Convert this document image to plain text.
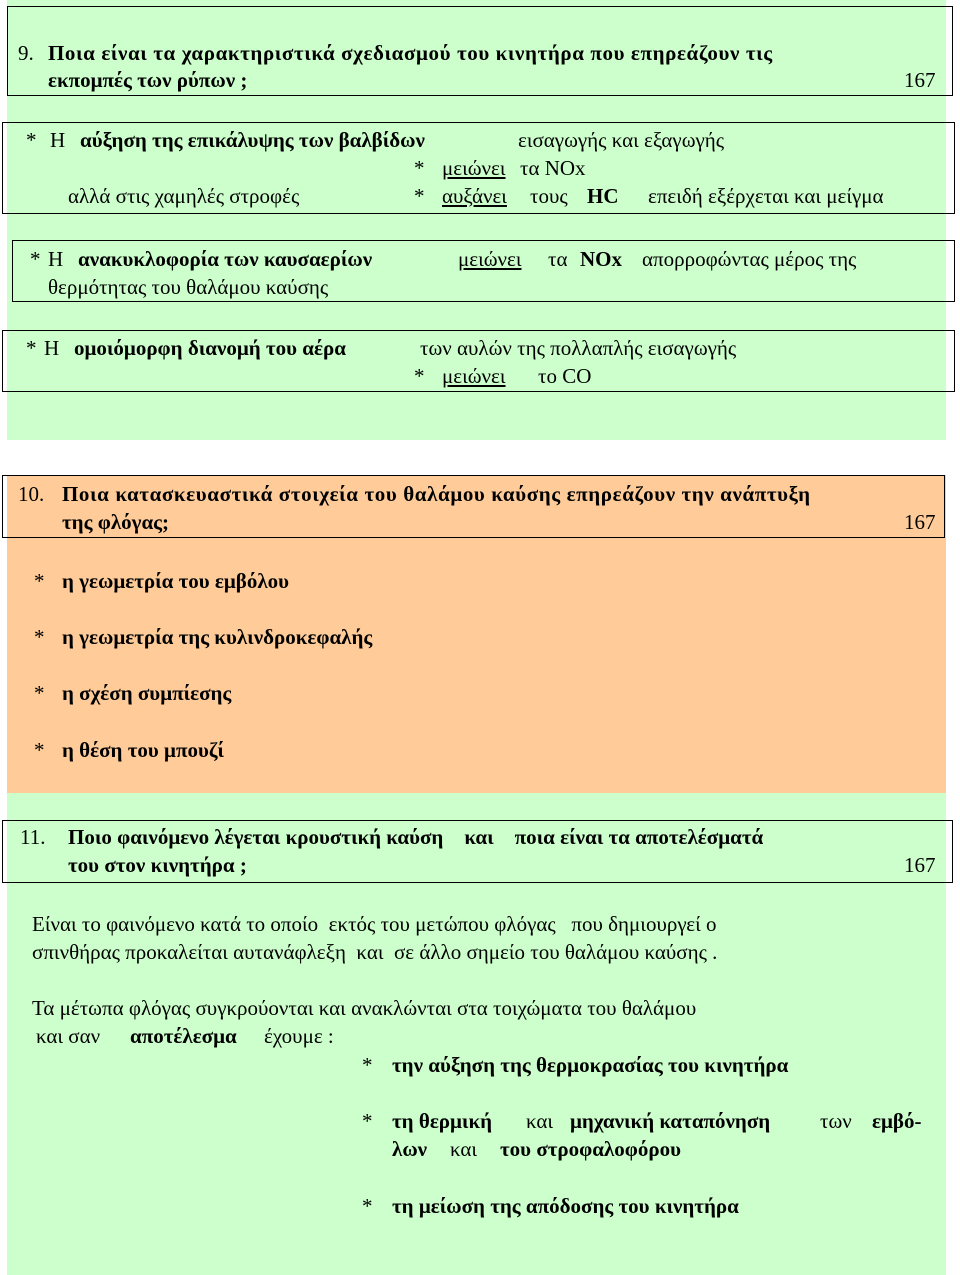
9. Ποια είναι τα χαρακτηριστικά σχεδιασμού του κινητήρα που επηρεάζουν τις
εκπομπές των ρύπων ;	167
* Η αύξηση της επικάλυψης των βαλβίδων	εισαγωγής και εξαγωγής
* μειώνει τα NOx
αλλά στις χαμηλές στροφές	* αυξάνει τους HC επειδή εξέρχεται και μείγμα
* Η ανακυκλοφορία των καυσαερίων	μειώνει τα NOx απορροφώντας μέρος της
θερμότητας του θαλάμου καύσης
* Η ομοιόμορφη διανομή του αέρα	των αυλών της πολλαπλής εισαγωγής
* μειώνει το CO
10. Ποια κατασκευαστικά στοιχεία του θαλάμου καύσης επηρεάζουν την ανάπτυξη
της φλόγας;	167
* η γεωμετρία του εμβόλου
* η γεωμετρία της κυλινδροκεφαλής
* η σχέση συμπίεσης
* η θέση του μπουζί
11. Ποιο φαινόμενο λέγεται κρουστική καύση    και    ποια είναι τα αποτελέσματά
του στον κινητήρα ;	167
Είναι το φαινόμενο κατά το οποίο  εκτός του μετώπου φλόγας   που δημιουργεί ο
σπινθήρας προκαλείται αυτανάφλεξη  και  σε άλλο σημείο του θαλάμου καύσης .
Τα μέτωπα φλόγας συγκρούονται και ανακλώνται στα τοιχώματα του θαλάμου
και σαν αποτέλεσμα έχουμε :
* την αύξηση της θερμοκρασίας του κινητήρα
* τη θερμική και μηχανική καταπόνηση των εμβό-
λων και του στροφαλοφόρου
* τη μείωση της απόδοσης του κινητήρα
